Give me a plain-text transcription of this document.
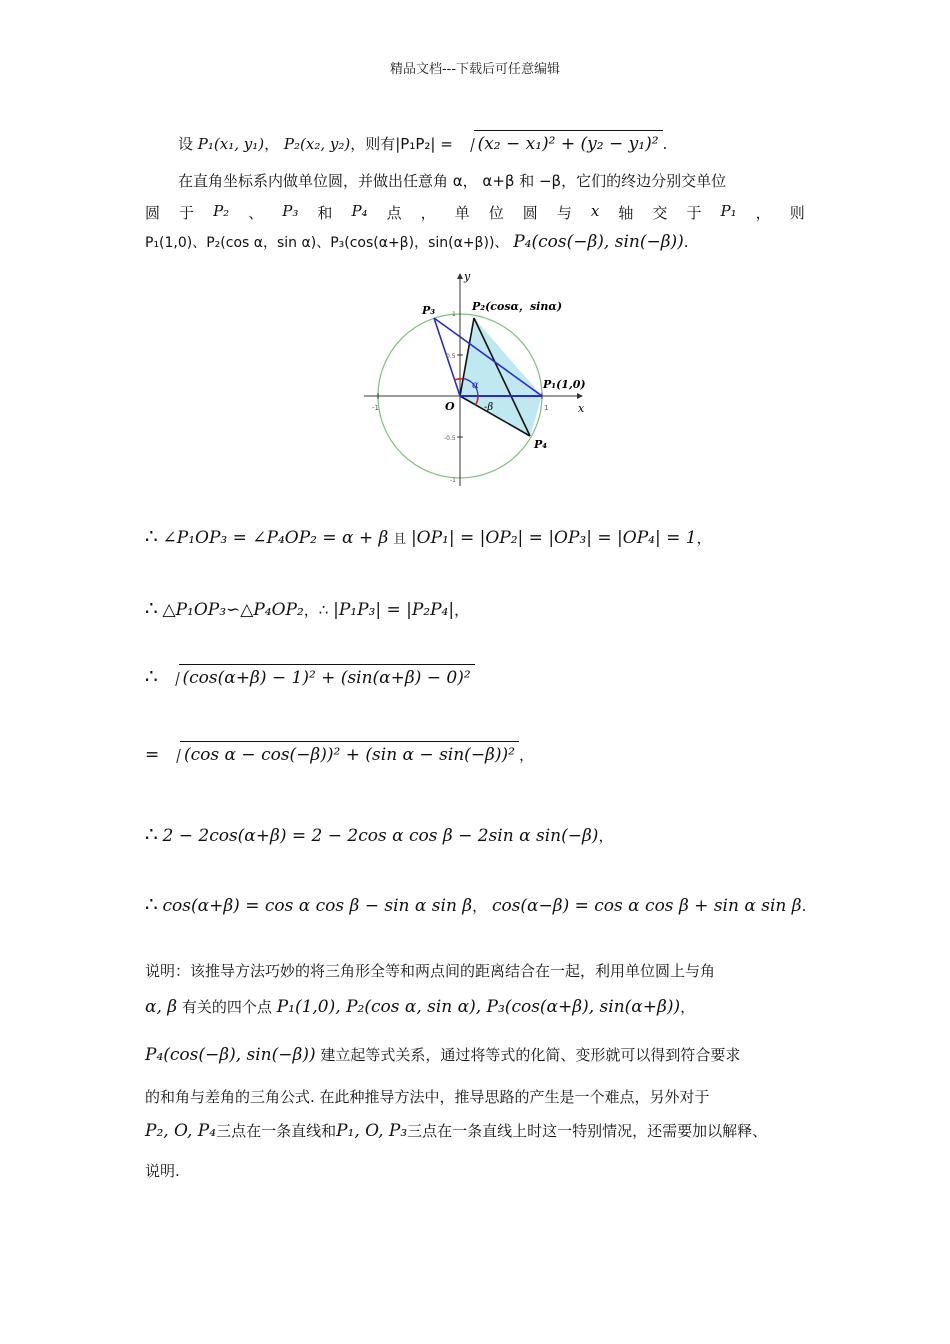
精品文档---下载后可任意编辑
设 P₁(x₁, y₁)， P₂(x₂, y₂)，则有|P₁P₂| = (x₂ − x₁)² + (y₂ − y₁)² .
在直角坐标系内做单位圆，并做出任意角 α， α+β 和 −β，它们的终边分别交单位
圆 于 P₂ 、 P₃ 和 P₄ 点 ， 单 位 圆 与 x 轴 交 于 P₁ ， 则
P₁(1,0)、P₂(cos α，sin α)、P₃(cos(α+β)，sin(α+β))、 P₄(cos(−β), sin(−β)).
y
x
O
P₁(1,0)
P₂(cosα，sinα)
P₃
P₄
α
-β
-1	1
0.5
-0.5
1
-1
∴ ∠P₁OP₃ = ∠P₄OP₂ = α + β 且 |OP₁| = |OP₂| = |OP₃| = |OP₄| = 1，
∴ △P₁OP₃∽△P₄OP₂，∴ |P₁P₃| = |P₂P₄|，
∴ (cos(α+β) − 1)² + (sin(α+β) − 0)²
= (cos α − cos(−β))² + (sin α − sin(−β))² ，
∴ 2 − 2cos(α+β) = 2 − 2cos α cos β − 2sin α sin(−β)，
∴ cos(α+β) = cos α cos β − sin α sin β， cos(α−β) = cos α cos β + sin α sin β.
说明：该推导方法巧妙的将三角形全等和两点间的距离结合在一起，利用单位圆上与角
α, β 有关的四个点 P₁(1,0), P₂(cos α, sin α), P₃(cos(α+β), sin(α+β))，
P₄(cos(−β), sin(−β)) 建立起等式关系，通过将等式的化简、变形就可以得到符合要求
的和角与差角的三角公式. 在此种推导方法中，推导思路的产生是一个难点，另外对于
P₂, O, P₄三点在一条直线和P₁, O, P₃三点在一条直线上时这一特别情况，还需要加以解释、
说明.
